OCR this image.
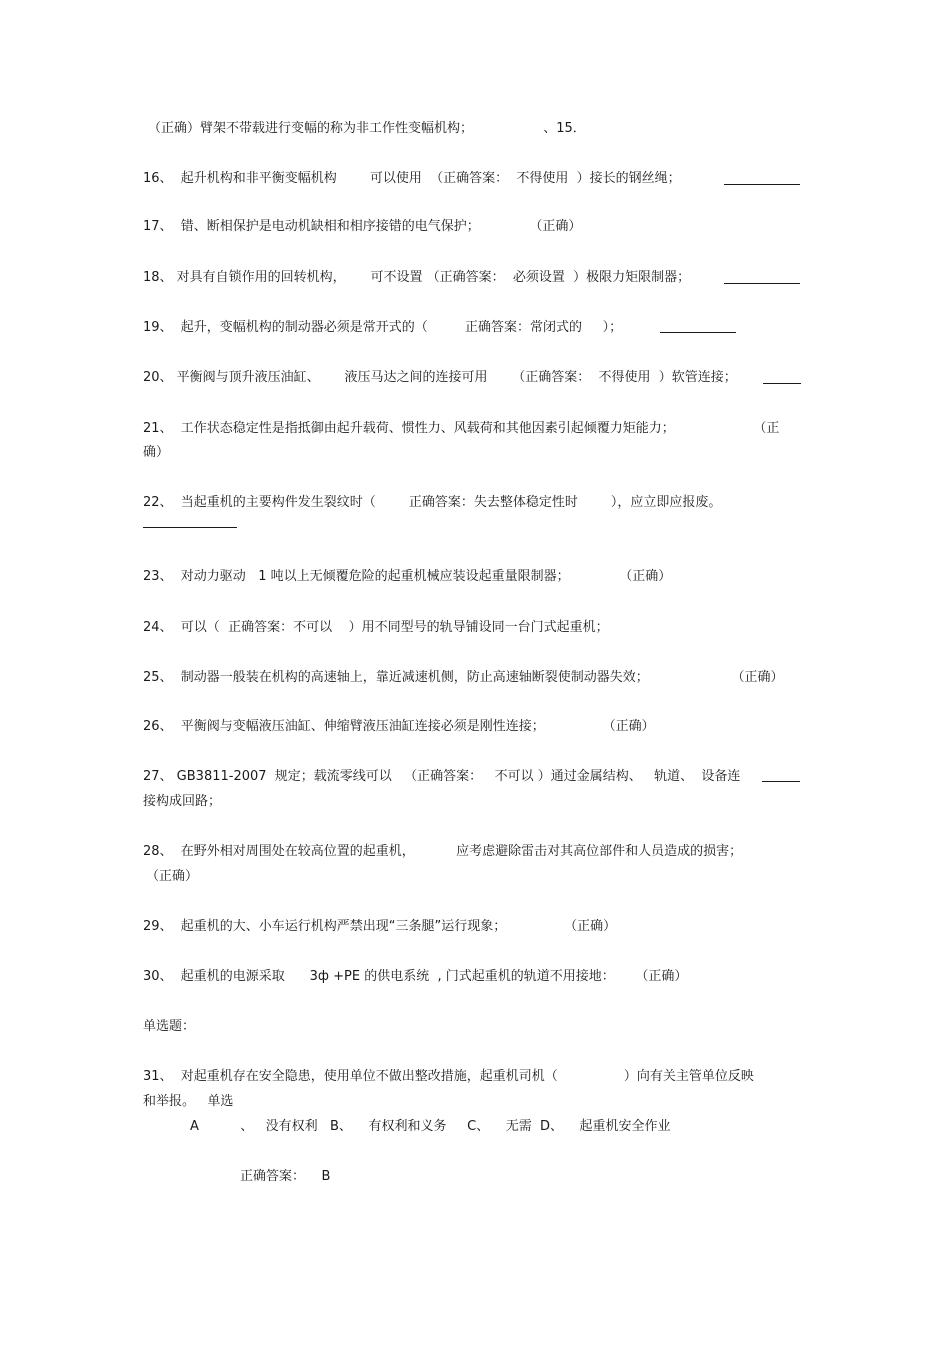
（正确）臂架不带载进行变幅的称为非工作性变幅机构；                 、15．
16、  起升机构和非平衡变幅机构        可以使用  （正确答案：  不得使用  ）接长的钢丝绳；
17、  错、断相保护是电动机缺相和相序接错的电气保护；            （正确）
18、 对具有自锁作用的回转机构，      可不设置 （正确答案：  必须设置  ）极限力矩限制器；
19、  起升，变幅机构的制动器必须是常开式的（         正确答案：常闭式的     ）；
20、 平衡阀与顶升液压油缸、      液压马达之间的连接可用      （正确答案：  不得使用  ）软管连接；
21、  工作状态稳定性是指抵御由起升载荷、惯性力、风载荷和其他因素引起倾覆力矩能力；                   （正
确）
22、  当起重机的主要构件发生裂纹时（        正确答案：失去整体稳定性时        ），应立即应报废。
23、  对动力驱动   1 吨以上无倾覆危险的起重机械应装设起重量限制器；            （正确）
24、  可以（  正确答案：不可以    ）用不同型号的轨导铺设同一台门式起重机；
25、  制动器一般装在机构的高速轴上，靠近减速机侧，防止高速轴断裂使制动器失效；                    （正确）
26、  平衡阀与变幅液压油缸、伸缩臂液压油缸连接必须是刚性连接；              （正确）
27、 GB3811-2007  规定；载流零线可以   （正确答案：   不可以 ）通过金属结构、   轨道、  设备连
接构成回路；
28、  在野外相对周围处在较高位置的起重机，          应考虑避除雷击对其高位部件和人员造成的损害；
（正确）
29、  起重机的大、小车运行机构严禁出现“三条腿”运行现象；              （正确）
30、  起重机的电源采取      3ф +PE 的供电系统  , 门式起重机的轨道不用接地：     （正确）
单选题：
31、  对起重机存在安全隐患，使用单位不做出整改措施，起重机司机（                ）向有关主管单位反映
和举报。   单选
A          、   没有权利   B、    有权利和义务     C、    无需  D、    起重机安全作业
正确答案：    B
